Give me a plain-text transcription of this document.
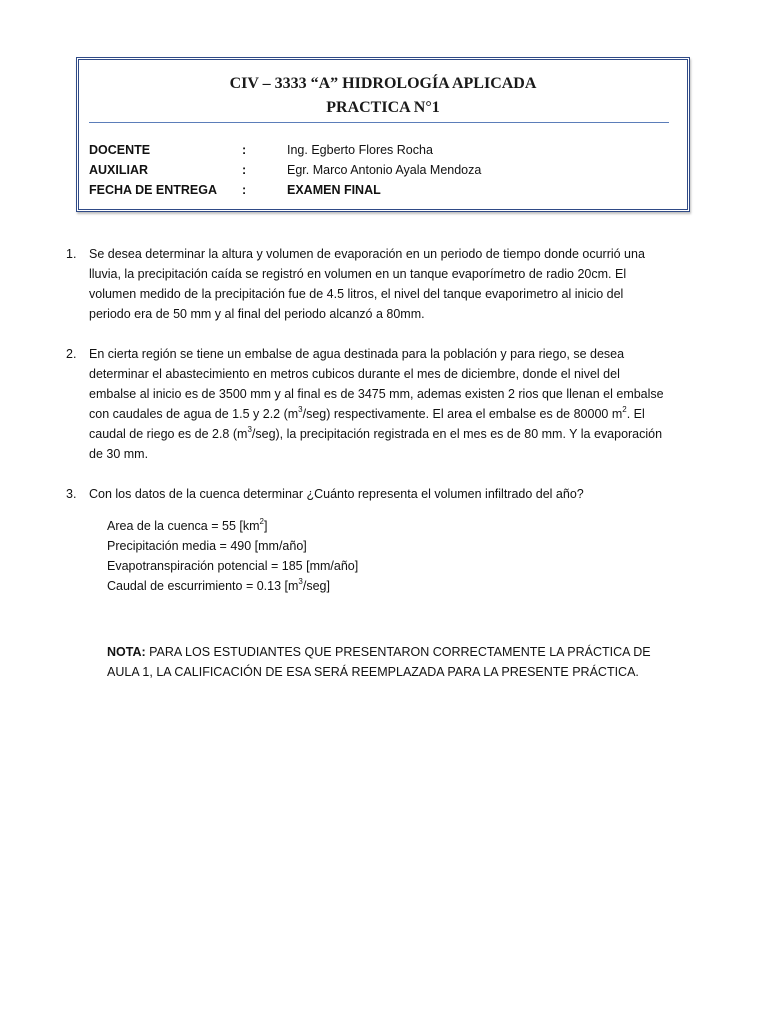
CIV – 3333 “A” HIDROLOGÍA APLICADA
PRACTICA N°1
DOCENTE	:	Ing. Egberto Flores Rocha
AUXILIAR	:	Egr. Marco Antonio Ayala Mendoza
FECHA DE ENTREGA :	EXAMEN FINAL
1. Se desea determinar la altura y volumen de evaporación en un periodo de tiempo donde ocurrió una lluvia, la precipitación caída se registró en volumen en un tanque evaporímetro de radio 20cm. El volumen medido de la precipitación fue de 4.5 litros, el nivel del tanque evaporimetro al inicio del periodo era de 50 mm y al final del periodo alcanzó a 80mm.
2. En cierta región se tiene un embalse de agua destinada para la población y para riego, se desea determinar el abastecimiento en metros cubicos durante el mes de diciembre, donde el nivel del embalse al inicio es de 3500 mm y al final es de 3475 mm, ademas existen 2 rios que llenan el embalse con caudales de agua de 1.5 y 2.2 $(m^3/seg)$ respectivamente. El area el embalse es de 80000 $m^2$. El caudal de riego es de 2.8 $(m^3/seg)$, la precipitación registrada en el mes es de 80 mm. Y la evaporación de 30 mm.
3. Con los datos de la cuenca determinar ¿Cuánto representa el volumen infiltrado del año?
Area de la cuenca = 55 $[km^2]$
Precipitación media = 490 [mm/año]
Evapotranspiración potencial = 185 [mm/año]
Caudal de escurrimiento = 0.13 $[m^3/seg]$
NOTA: PARA LOS ESTUDIANTES QUE PRESENTARON CORRECTAMENTE LA PRÁCTICA DE AULA 1, LA CALIFICACIÓN DE ESA SERÁ REEMPLAZADA PARA LA PRESENTE PRÁCTICA.
